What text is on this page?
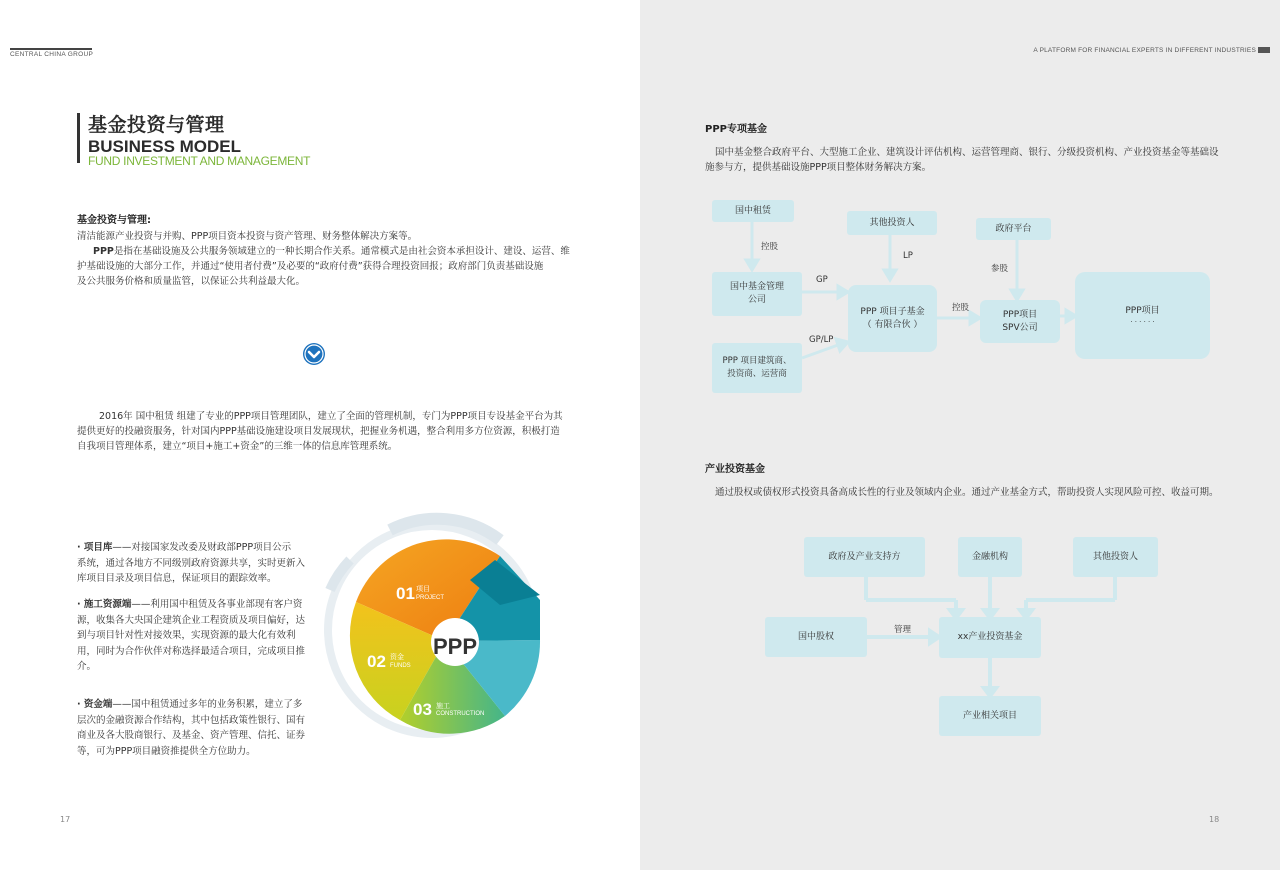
CENTRAL CHINA GROUP
基金投资与管理
BUSINESS MODEL
FUND INVESTMENT AND MANAGEMENT
基金投资与管理:
清洁能源产业投资与并购、PPP项目资本投资与资产管理、财务整体解决方案等。
PPP是指在基础设施及公共服务领域建立的一种长期合作关系。通常模式是由社会资本承担设计、建设、运营、维
护基础设施的大部分工作，并通过“使用者付费”及必要的“政府付费”获得合理投资回报；政府部门负责基础设施
及公共服务价格和质量监管，以保证公共利益最大化。
2016年 国中租赁 组建了专业的PPP项目管理团队，建立了全面的管理机制，专门为PPP项目专设基金平台为其
提供更好的投融资服务，针对国内PPP基础设施建设项目发展现状，把握业务机遇，整合利用多方位资源，积极打造
自我项目管理体系，建立“项目+施工+资金”的三维一体的信息库管理系统。
· 项目库——对接国家发改委及财政部PPP项目公示
系统，通过各地方不同级别政府资源共享，实时更新入
库项目目录及项目信息，保证项目的跟踪效率。
· 施工资源端——利用国中租赁及各事业部现有客户资
源，收集各大央国企建筑企业工程资质及项目偏好，达
到与项目针对性对接效果，实现资源的最大化有效利
用，同时为合作伙伴对称选择最适合项目，完成项目推
介。
· 资金端——国中租赁通过多年的业务积累，建立了多
层次的金融资源合作结构，其中包括政策性银行、国有
商业及各大股商银行、及基金、资产管理、信托、证券
等，可为PPP项目融资推提供全方位助力。
PPP
01 项目
PROJECT
02 资金
FUNDS
03 施工
CONSTRUCTION
17
A PLATFORM FOR FINANCIAL EXPERTS IN DIFFERENT INDUSTRIES
PPP专项基金
国中基金整合政府平台、大型施工企业、建筑设计评估机构、运营管理商、银行、分级投资机构、产业投资基金等基础设
施参与方，提供基础设施PPP项目整体财务解决方案。
国中租赁
控股
国中基金管理
公司
GP
PPP 项目建筑商、
投资商、运营商
GP/LP
其他投资人
LP
PPP 项目子基金
（ 有限合伙 ）
控股
政府平台
参股
PPP项目
SPV公司
PPP项目
· · · · · ·
产业投资基金
通过股权或债权形式投资具备高成长性的行业及领域内企业。通过产业基金方式，帮助投资人实现风险可控、收益可期。
政府及产业支持方	金融机构	其他投资人
国中股权
管理
xx产业投资基金
产业相关项目
18
